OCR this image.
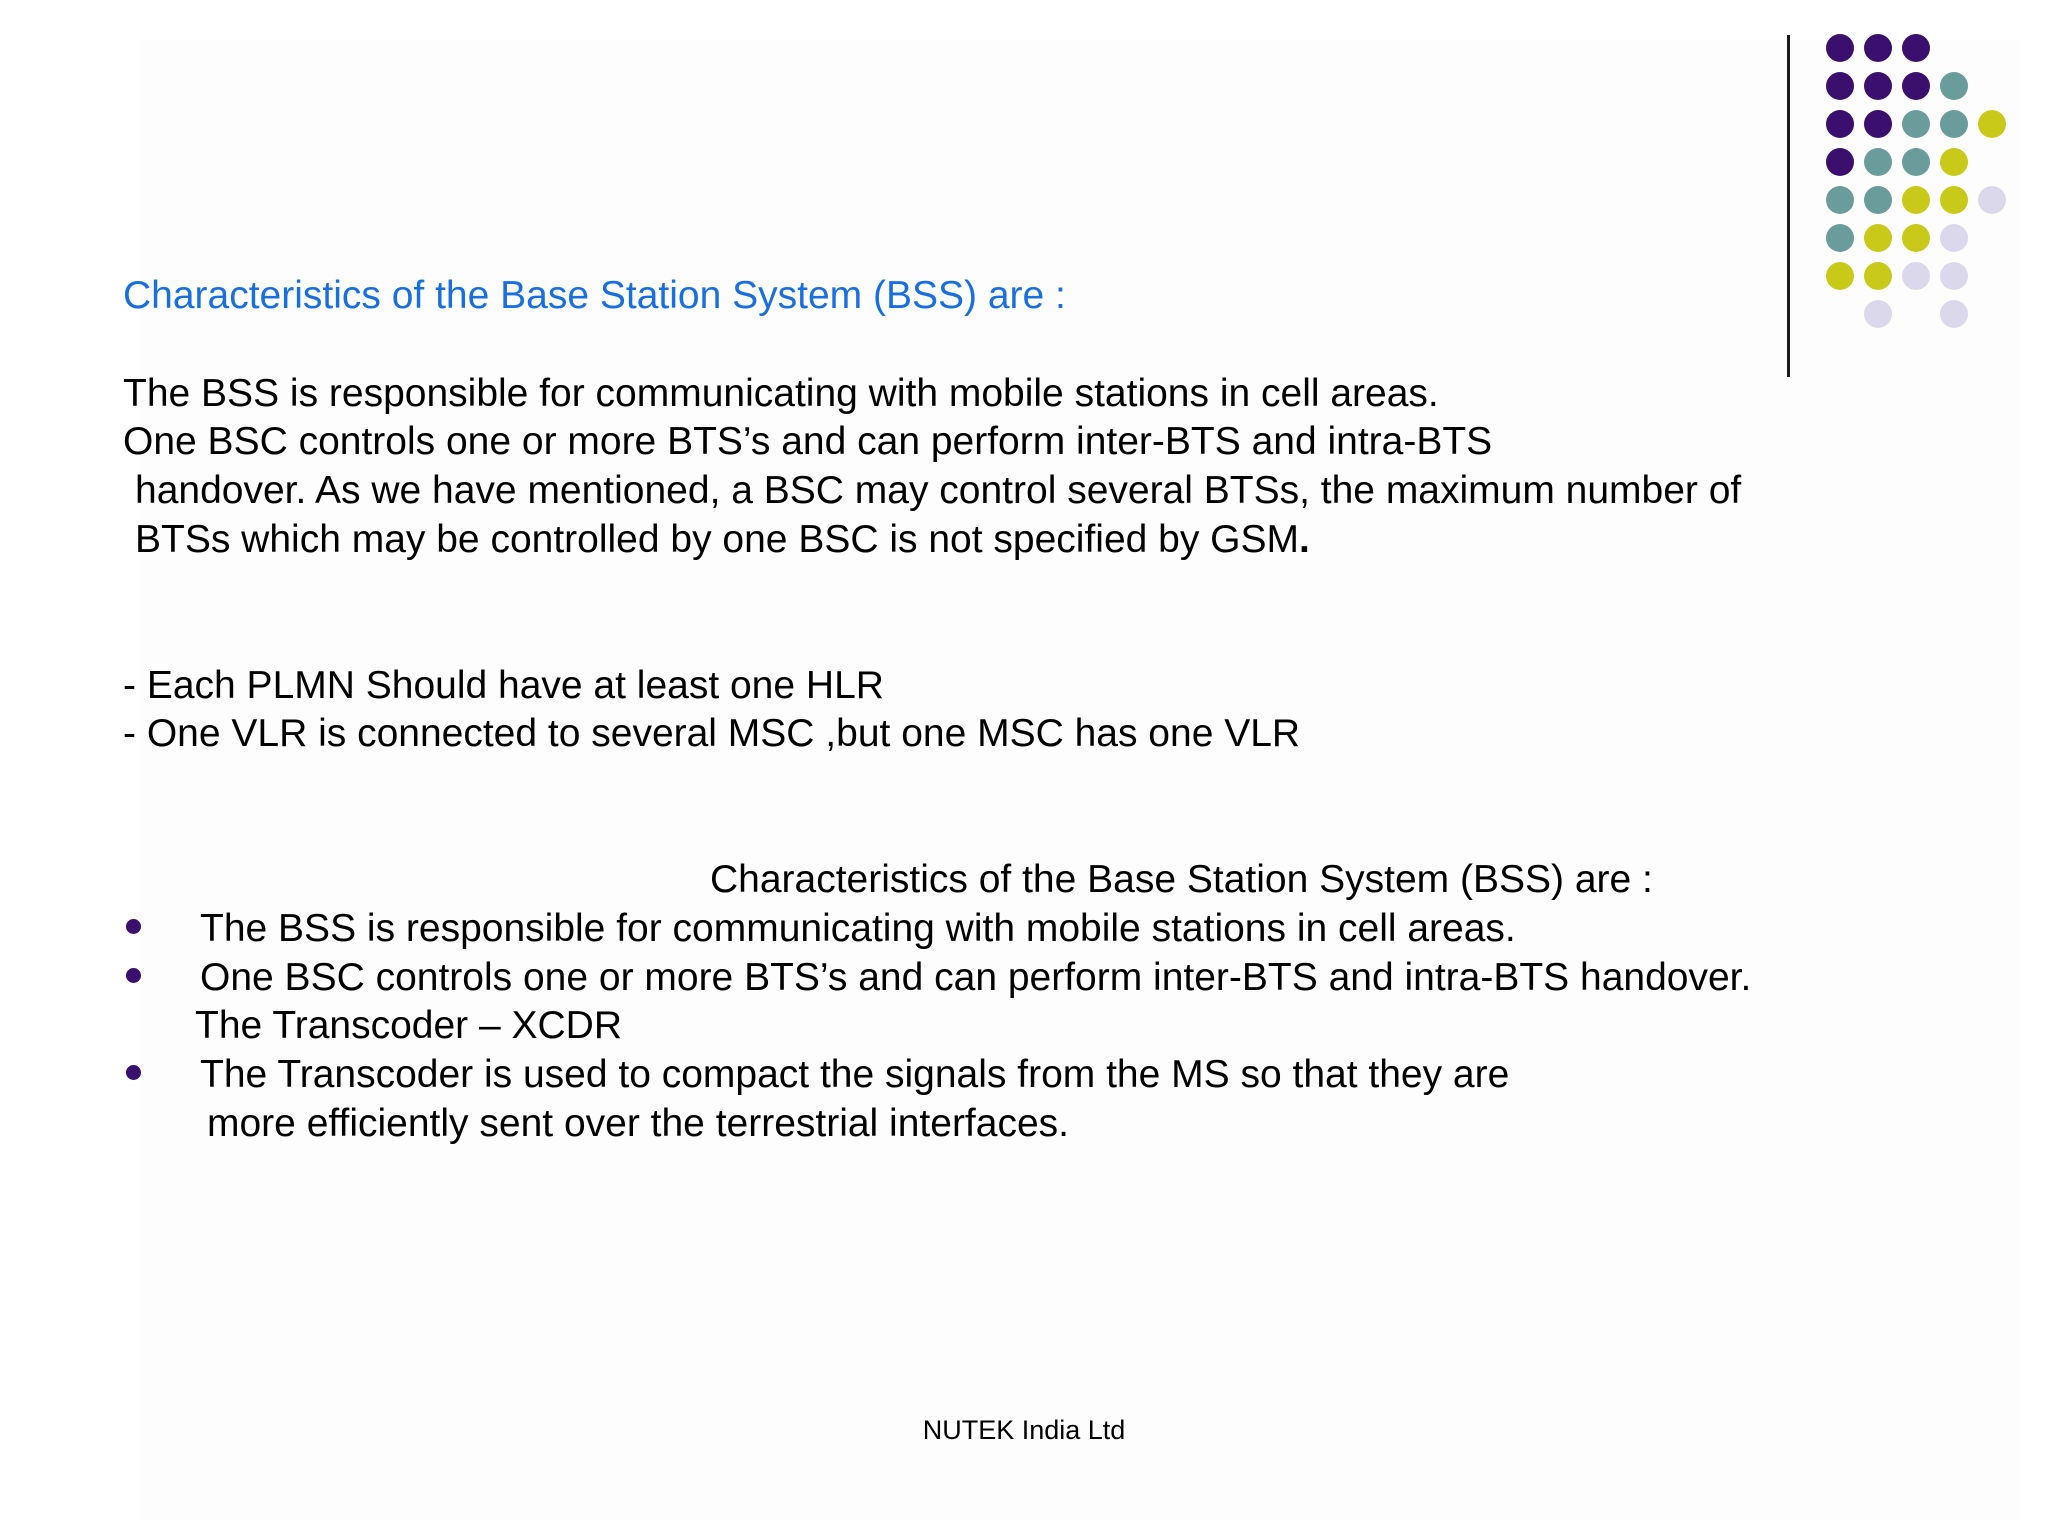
Characteristics of the Base Station System (BSS) are :
The BSS is responsible for communicating with mobile stations in cell areas.
One BSC controls one or more BTS’s and can perform inter-BTS and intra-BTS
handover. As we have mentioned, a BSC may control several BTSs, the maximum number of
BTSs which may be controlled by one BSC is not specified by GSM.
- Each PLMN Should have at least one HLR
- One VLR is connected to several MSC ,but one MSC has one VLR
Characteristics of the Base Station System (BSS) are :
The BSS is responsible for communicating with mobile stations in cell areas.
One BSC controls one or more BTS’s and can perform inter-BTS and intra-BTS handover.
The Transcoder – XCDR
The Transcoder is used to compact the signals from the MS so that they are
more efficiently sent over the terrestrial interfaces.
NUTEK India Ltd
